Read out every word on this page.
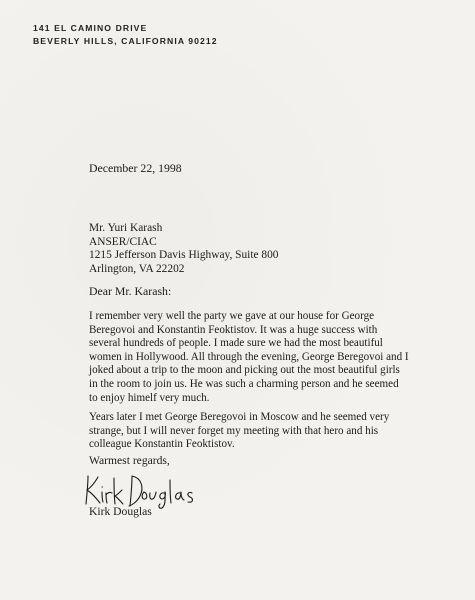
141 EL CAMINO DRIVE
BEVERLY HILLS, CALIFORNIA 90212
December 22, 1998
Mr. Yuri Karash
ANSER/CIAC
1215 Jefferson Davis Highway, Suite 800
Arlington, VA 22202
Dear Mr. Karash:
I remember very well the party we gave at our house for George Beregovoi and Konstantin Feoktistov. It was a huge success with several hundreds of people. I made sure we had the most beautiful women in Hollywood. All through the evening, George Beregovoi and I joked about a trip to the moon and picking out the most beautiful girls in the room to join us. He was such a charming person and he seemed to enjoy himelf very much.
Years later I met George Beregovoi in Moscow and he seemed very strange, but I will never forget my meeting with that hero and his colleague Konstantin Feoktistov.
Warmest regards,
Kirk Douglas
